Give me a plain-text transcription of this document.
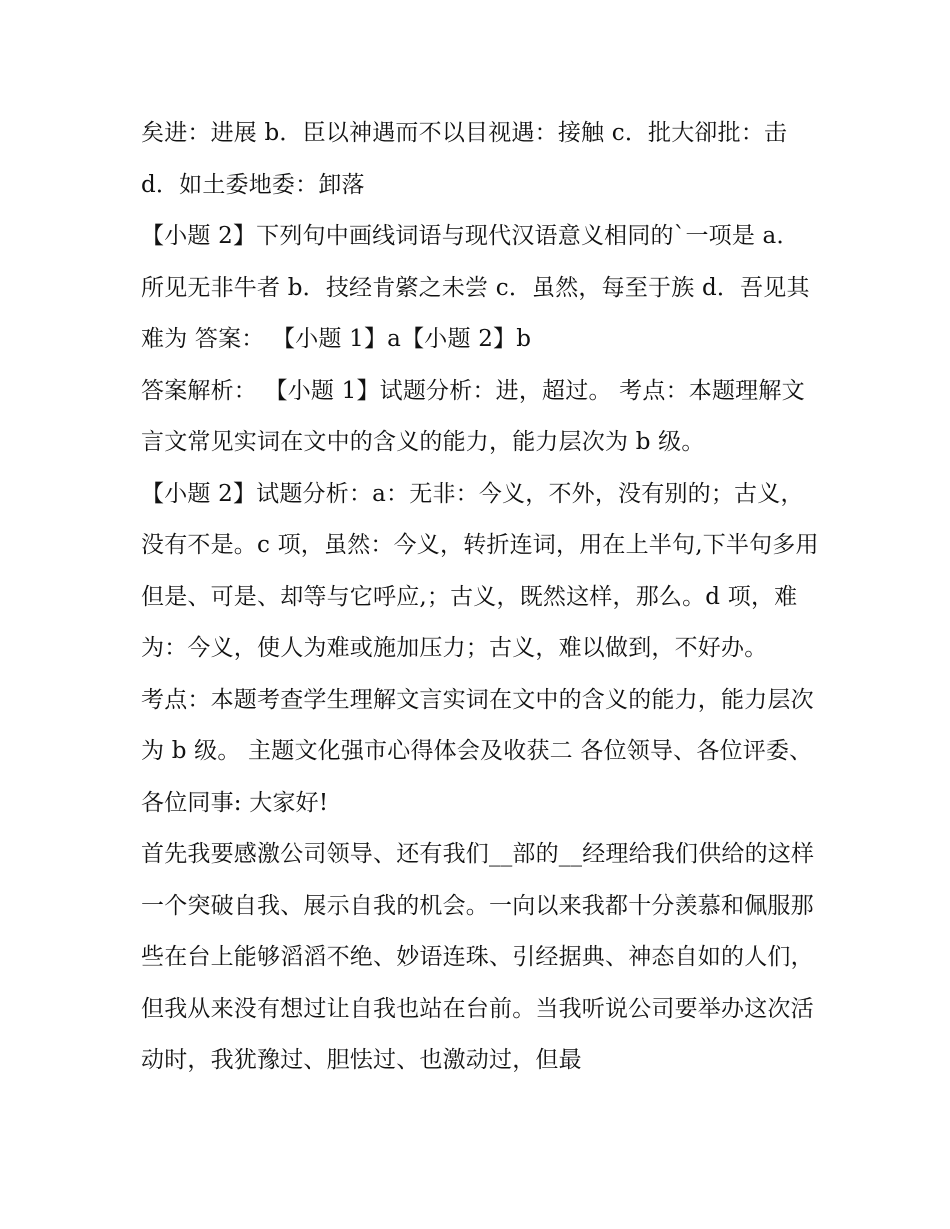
矣进：进展 b．臣以神遇而不以目视遇：接触 c．批大卻批：击 d．如土委地委：卸落

【小题 2】下列句中画线词语与现代汉语意义相同的`一项是 a．所见无非牛者 b．技经肯綮之未尝 c．虽然，每至于族 d．吾见其难为 答案： 【小题 1】a【小题 2】b

答案解析： 【小题 1】试题分析：进，超过。 考点：本题理解文言文常见实词在文中的含义的能力，能力层次为 b 级。

【小题 2】试题分析：a：无非：今义，不外，没有别的；古义，没有不是。c 项，虽然：今义，转折连词，用在上半句,下半句多用但是、可是、却等与它呼应,；古义，既然这样，那么。d 项，难为：今义，使人为难或施加压力；古义，难以做到，不好办。

考点：本题考查学生理解文言实词在文中的含义的能力，能力层次为 b 级。 主题文化强市心得体会及收获二 各位领导、各位评委、各位同事: 大家好!

首先我要感激公司领导、还有我们__部的__经理给我们供给的这样一个突破自我、展示自我的机会。一向以来我都十分羡慕和佩服那些在台上能够滔滔不绝、妙语连珠、引经据典、神态自如的人们，但我从来没有想过让自我也站在台前。当我听说公司要举办这次活动时，我犹豫过、胆怯过、也激动过，但最
